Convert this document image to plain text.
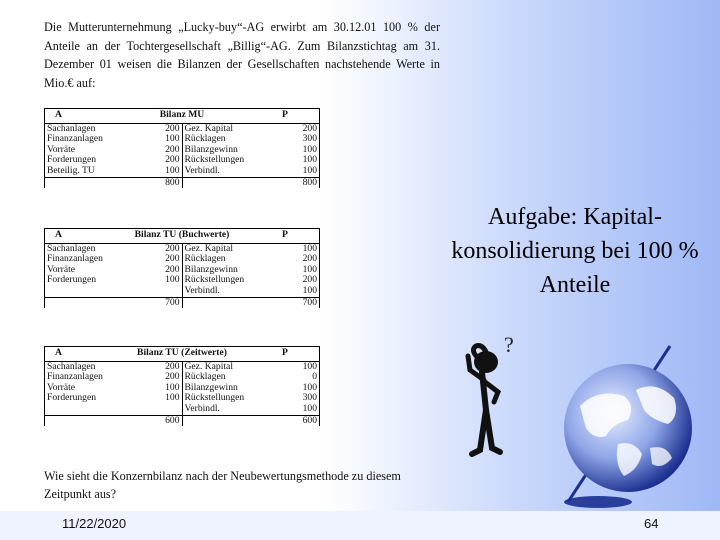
Die Mutterunternehmung „Lucky-buy“-AG erwirbt am 30.12.01 100 % der Anteile an der Tochtergesellschaft „Billig“-AG. Zum Bilanzstichtag am 31. Dezember 01 weisen die Bilanzen der Gesellschaften nachstehende Werte in Mio.€ auf:
A	Bilanz MU		P
Sachanlagen	200	Gez. Kapital	200
Finanzanlagen	100	Rücklagen	300
Vorräte	200	Bilanzgewinn	100
Forderungen	200	Rückstellungen	100
Beteilig. TU	100	Verbindl.	100
	800		800
A	Bilanz TU (Buchwerte)		P
Sachanlagen	200	Gez. Kapital	100
Finanzanlagen	200	Rücklagen	200
Vorräte	200	Bilanzgewinn	100
Forderungen	100	Rückstellungen	200
		Verbindl.	100
	700		700
A	Bilanz TU (Zeitwerte)		P
Sachanlagen	200	Gez. Kapital	100
Finanzanlagen	200	Rücklagen	0
Vorräte	100	Bilanzgewinn	100
Forderungen	100	Rückstellungen	300
		Verbindl.	100
	600		600
Wie sieht die Konzernbilanz nach der Neubewertungsmethode zu diesem Zeitpunkt aus?
Aufgabe: Kapital-konsolidierung bei 100 % Anteile
?
11/22/2020	64
